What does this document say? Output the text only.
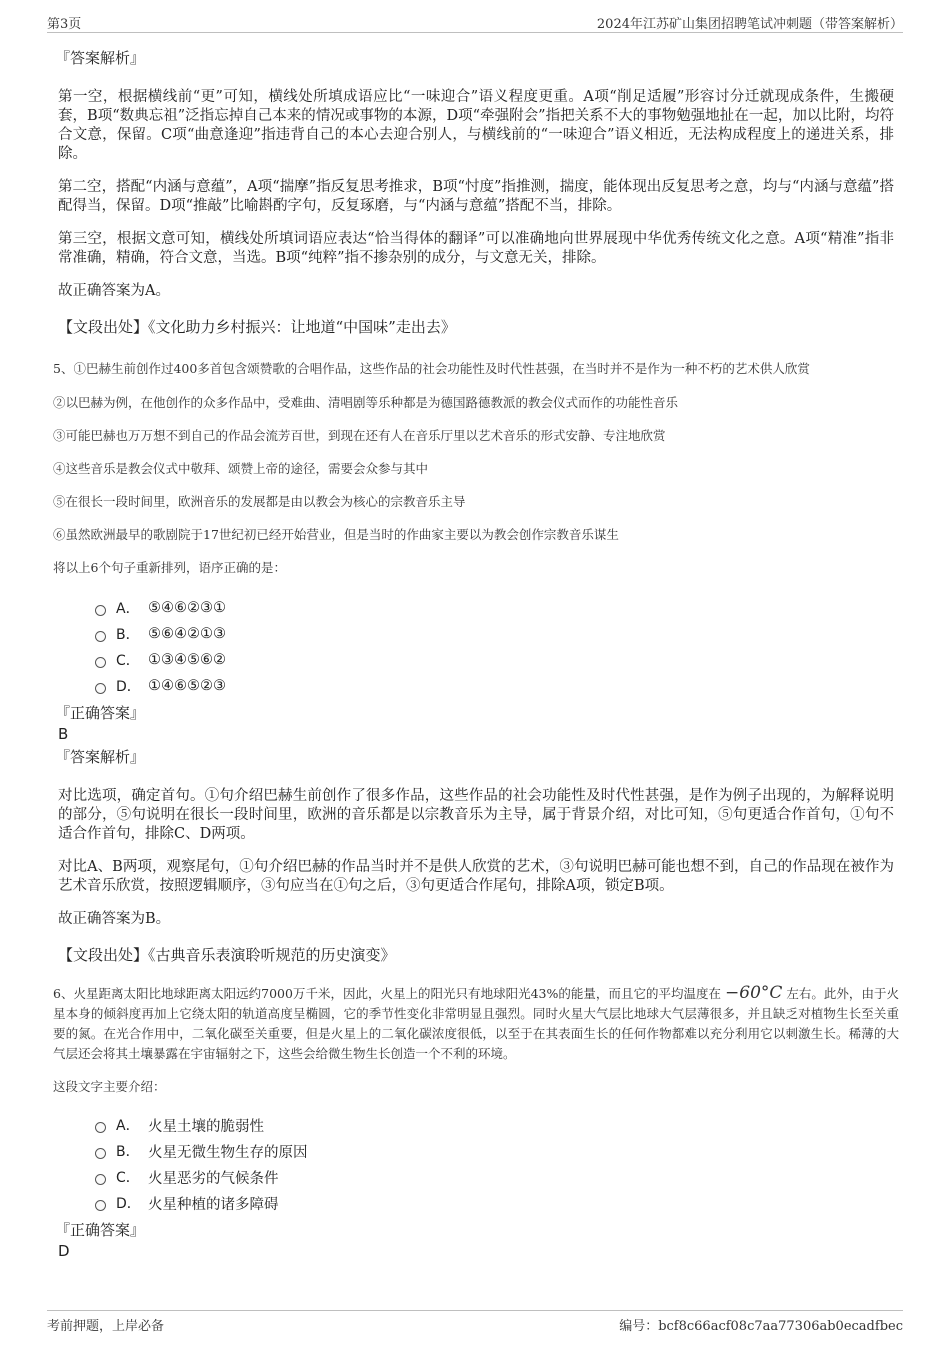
第3页	2024年江苏矿山集团招聘笔试冲刺题（带答案解析）
『答案解析』
第一空，根据横线前“更”可知，横线处所填成语应比“一味迎合”语义程度更重。A项“削足适履”形容讨分迁就现成条件，生搬硬套，B项“数典忘祖”泛指忘掉自己本来的情况或事物的本源，D项“牵强附会”指把关系不大的事物勉强地扯在一起，加以比附，均符合文意，保留。C项“曲意逢迎”指违背自己的本心去迎合别人，与横线前的“一味迎合”语义相近，无法构成程度上的递进关系，排除。
第二空，搭配“内涵与意蕴”，A项“揣摩”指反复思考推求，B项“忖度”指推测，揣度，能体现出反复思考之意，均与“内涵与意蕴”搭配得当，保留。D项“推敲”比喻斟酌字句，反复琢磨，与“内涵与意蕴”搭配不当，排除。
第三空，根据文意可知，横线处所填词语应表达“恰当得体的翻译”可以准确地向世界展现中华优秀传统文化之意。A项“精准”指非常准确，精确，符合文意，当选。B项“纯粹”指不掺杂别的成分，与文意无关，排除。
故正确答案为A。
【文段出处】《文化助力乡村振兴：让地道“中国味”走出去》
5、①巴赫生前创作过400多首包含颂赞歌的合唱作品，这些作品的社会功能性及时代性甚强，在当时并不是作为一种不朽的艺术供人欣赏
②以巴赫为例，在他创作的众多作品中，受难曲、清唱剧等乐种都是为德国路德教派的教会仪式而作的功能性音乐
③可能巴赫也万万想不到自己的作品会流芳百世，到现在还有人在音乐厅里以艺术音乐的形式安静、专注地欣赏
④这些音乐是教会仪式中敬拜、颂赞上帝的途径，需要会众参与其中
⑤在很长一段时间里，欧洲音乐的发展都是由以教会为核心的宗教音乐主导
⑥虽然欧洲最早的歌剧院于17世纪初已经开始营业，但是当时的作曲家主要以为教会创作宗教音乐谋生
将以上6个句子重新排列，语序正确的是：
A． ⑤④⑥②③①
B． ⑤⑥④②①③
C． ①③④⑤⑥②
D． ①④⑥⑤②③
『正确答案』
B
『答案解析』
对比选项，确定首句。①句介绍巴赫生前创作了很多作品，这些作品的社会功能性及时代性甚强，是作为例子出现的，为解释说明的部分，⑤句说明在很长一段时间里，欧洲的音乐都是以宗教音乐为主导，属于背景介绍，对比可知，⑤句更适合作首句，①句不适合作首句，排除C、D两项。
对比A、B两项，观察尾句，①句介绍巴赫的作品当时并不是供人欣赏的艺术，③句说明巴赫可能也想不到，自己的作品现在被作为艺术音乐欣赏，按照逻辑顺序，③句应当在①句之后，③句更适合作尾句，排除A项，锁定B项。
故正确答案为B。
【文段出处】《古典音乐表演聆听规范的历史演变》
6、火星距离太阳比地球距离太阳远约7000万千米，因此，火星上的阳光只有地球阳光43%的能量，而且它的平均温度在 −60°C 左右。此外，由于火星本身的倾斜度再加上它绕太阳的轨道高度呈椭圆，它的季节性变化非常明显且强烈。同时火星大气层比地球大气层薄很多，并且缺乏对植物生长至关重要的氮。在光合作用中，二氧化碳至关重要，但是火星上的二氧化碳浓度很低，以至于在其表面生长的任何作物都难以充分利用它以刺激生长。稀薄的大气层还会将其土壤暴露在宇宙辐射之下，这些会给微生物生长创造一个不利的环境。
这段文字主要介绍：
A． 火星土壤的脆弱性
B． 火星无微生物生存的原因
C． 火星恶劣的气候条件
D． 火星种植的诸多障碍
『正确答案』
D
考前押题，上岸必备	编号：bcf8c66acf08c7aa77306ab0ecadfbec
